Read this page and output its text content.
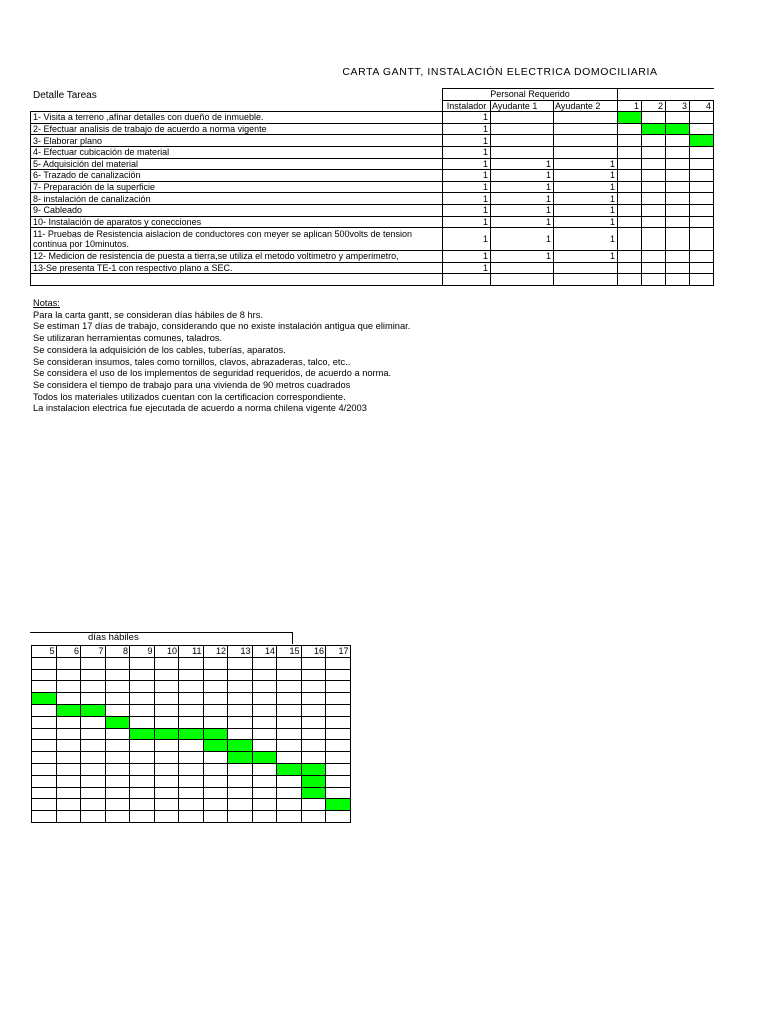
CARTA GANTT, INSTALACIÓN ELECTRICA DOMOCILIARIA
Detalle Tareas
		Personal Requerido						
	Instalador	Ayudante 1	Ayudante 2	1	2	3	4
1- Visita a terreno ,afinar detalles con dueño de inmueble.	1						
2- Efectuar analisis de trabajo de acuerdo a norma vigente	1						
3- Elaborar plano	1						
4- Efectuar cubicación de material	1						
5- Adquisición del material	1	1	1				
6- Trazado de canalización	1	1	1				
7- Preparación de la superficie	1	1	1				
8- instalación de canalización	1	1	1				
9- Cableado	1	1	1				
10- Instalación de aparatos y conecciones	1	1	1				
11- Pruebas de Resistencia aislacion de conductores con meyer se aplican 500volts de tension continua por 10minutos.	1	1	1				
12- Medicion de resistencia de puesta a tierra,se utiliza el metodo voltimetro y amperimetro,	1	1	1				
13-Se presenta TE-1 con respectivo plano a SEC.	1						

Notas:
Para la carta gantt, se consideran días hábiles de 8 hrs.
Se estiman 17 días de trabajo, considerando que no existe instalación antigua que eliminar.
Se utilizaran herramientas comunes, taladros.
Se considera la adquisición de los cables, tuberías, aparatos.
Se consideran insumos, tales como tornillos, clavos, abrazaderas, talco, etc..
Se considera el uso de los implementos de seguridad requeridos, de acuerdo a norma.
Se considera el tiempo de trabajo para una vivienda de 90 metros cuadrados
Todos los materiales utilizados cuentan con la certificacion correspondiente.
La instalacion electrica fue ejecutada de acuerdo a norma chilena vigente 4/2003
días hábiles
5	6	7	8	9	10	11	12	13	14	15	16	17
